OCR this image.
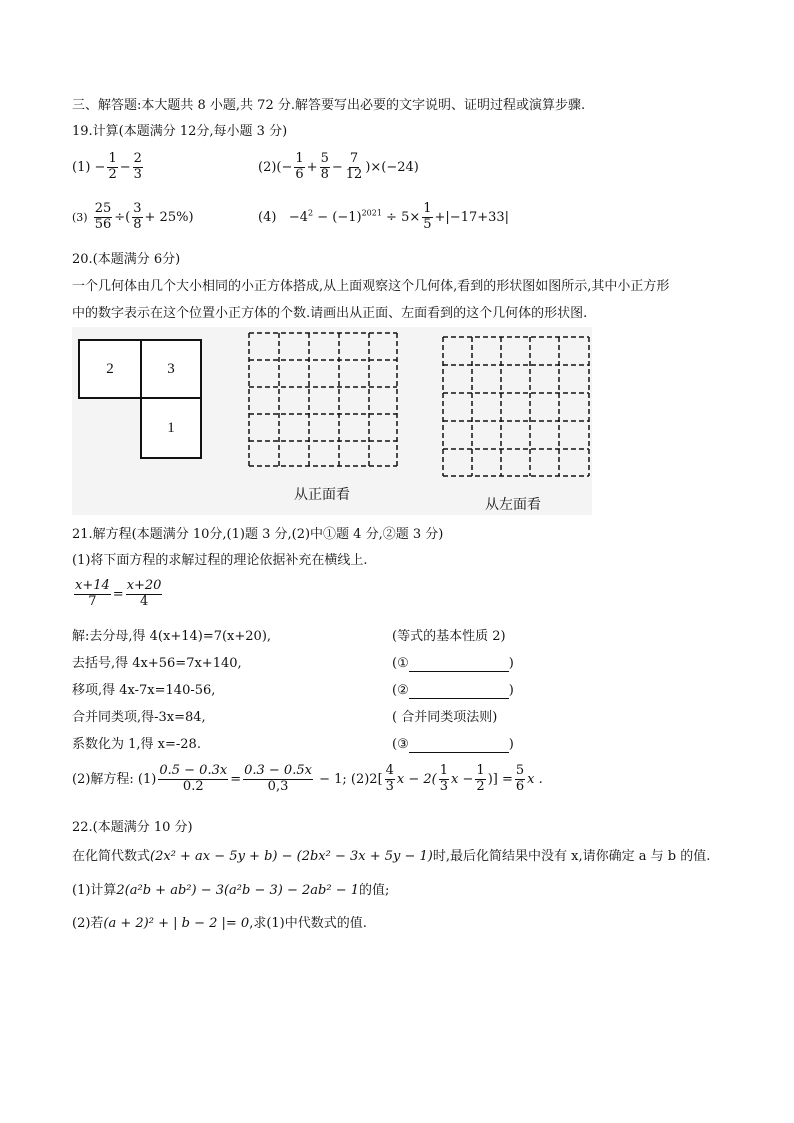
三、解答题:本大题共 8 小题,共 72 分.解答要写出必要的文字说明、证明过程或演算步骤.
19.计算(本题满分 12分,每小题 3 分)
$(1) - \frac{1}{2} - \frac{2}{3}$	$(2)(- \frac{1}{6} + \frac{5}{8} - \frac{7}{12} )\times(-24)$
$(3) \frac{25}{56}$ ÷( $\frac{3}{8} + 25\%$)	$(4) -4^2 - (-1)^{2021} \div 5\times \frac{1}{5} +|-17+33|$
20.(本题满分 6分)
一个几何体由几个大小相同的小正方体搭成,从上面观察这个几何体,看到的形状图如图所示,其中小正方形
中的数字表示在这个位置小正方体的个数.请画出从正面、左面看到的这个几何体的形状图.
2	3
1
从正面看
从左面看
21.解方程(本题满分 10分,(1)题 3 分,(2)中①题 4 分,②题 3 分)
(1)将下面方程的求解过程的理论依据补充在横线上.
$\frac{x+14}{7} = \frac{x+20}{4}$
解:去分母,得 4(x+14)=7(x+20),	(等式的基本性质 2)
去括号,得 4x+56=7x+140,	(①	)
移项,得 4x-7x=140-56,	(②	)
合并同类项,得-3x=84,	( 合并同类项法则)
系数化为 1,得 x=-28.	(③	)
(2)解方程: $(1) \frac{0.5 - 0.3x}{0.2} = \frac{0.3 - 0.5x}{0,3} - 1$; $(2)2[ \frac{4}{3}$ $x - 2( \frac{1}{3}$ $x - \frac{1}{2}$ )] = $\frac{5}{6}$ x .
22.(本题满分 10 分)
在化简代数式(2x² + ax − 5y + b) − (2bx² − 3x + 5y − 1)时,最后化简结果中没有 x,请你确定 a 与 b 的值.
(1)计算2(a²b + ab²) − 3(a²b − 3) − 2ab² − 1的值;
(2)若(a + 2)² + | b − 2 |= 0,求(1)中代数式的值.
